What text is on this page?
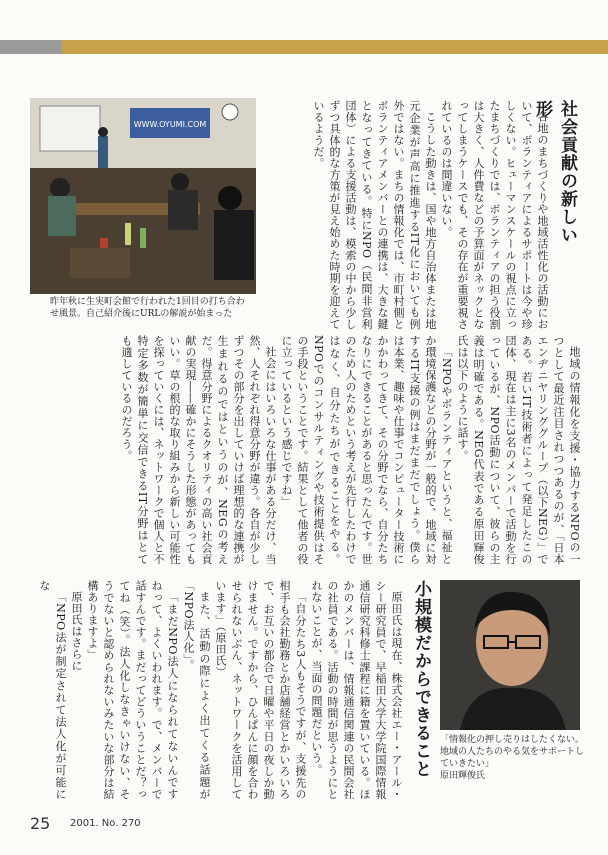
WWW.OYUMI.COM
昨年秋に生実町会館で行われた1回目の打ち合わせ風景。自己紹介後にURLの解説が始まった
社会貢献の新しい形

各地のまちづくりや地域活性化の活動において、ボランティアによるサポートは今や珍しくない。ヒューマンスケールの視点に立ったまちづくりでは、ボランティアの担う役割は大きく、人件費などの予算面がネックとなってしまうケースでも、その存在が重要視されているのは間違いない。

こうした動きは、国や地方自治体または地元企業が声高に推進するIT化においても例外ではない。まちの情報化では、市町村側とボランティアメンバーとの連携は、大きな鍵となってきている。特にNPO（民間非営利団体）による支援活動は、模索の中から少しずつ具体的な方策が見え始めた時期を迎えているようだ。

地域の情報化を支援・協力するNPOの一つとして最近注目されつつあるのが、「日本エンヂニヤリンググループ（以下NEG）」である。若いIT技術者によって発足したこの団体、現在は主に3名のメンバーで活動を行っているが、NPO活動について、彼らの主義は明確である。NEG代表である原田輝俊氏は以下のように話す。

「NPOやボランティアというと、福祉とか環境保護などの分野が一般的で、地域に対するIT支援の例はまだまだでしょう。僕らは本業、趣味や仕事でコンピューター技術にかかわってきて、その分野でなら、自分たちなりにできることがあると思ったんです。世のため人のためという考えが先行したわけではなく、自分たちができることをやる。NPOでのコンサルティングや技術提供はその手段ということです。結果として他者の役に立っているという感じですね」

社会にはいろいろな仕事がある分だけ、当然、人それぞれ得意分野が違う。各自が少しずつその部分を出していけば理想的な連携が生まれるのではというのが、NEGの考えだ。得意分野によるクオリティの高い社会貢献の実現――確かにそうした形態があってもいい。草の根的な取り組みから新しい可能性を探っていくには、ネットワークで個人と不特定多数が簡単に交信できるIT分野はとても適しているのだろう。

「情報化の押し売りはしたくない。
地域の人たちのやる気をサポートしていきたい」
原田輝俊氏
小規模だからできること

原田氏は現在、株式会社エー・アール・シー研究員で、早稲田大学大学院国際情報通信研究科修士課程に籍を置いている。ほかのメンバーは、情報通信関連の民間会社の社員である。活動の時間が思うようにとれないことが、当面の問題だという。

「自分たち3人もそうですが、支援先の相手も会社勤務とか店舗経営とかいろいろで、お互いの都合で日曜や平日の夜しか動けません。ですから、ひんぱんに顔を合わせられないぶん、ネットワークを活用しています」（原田氏）

また、活動の際によく出てくる話題が「NPO法人化」。

「まだNPO法人になられてないんですねって、よくいわれます。で、メンバーで話すんです。まだってどういうことだ？ってね（笑）。法人化しなきゃいけない、そうでないと認められないみたいな部分は結構ありますよ」

原田氏はさらに

「NPO法が制定されて法人化が可能にな

25 2001. No. 270
